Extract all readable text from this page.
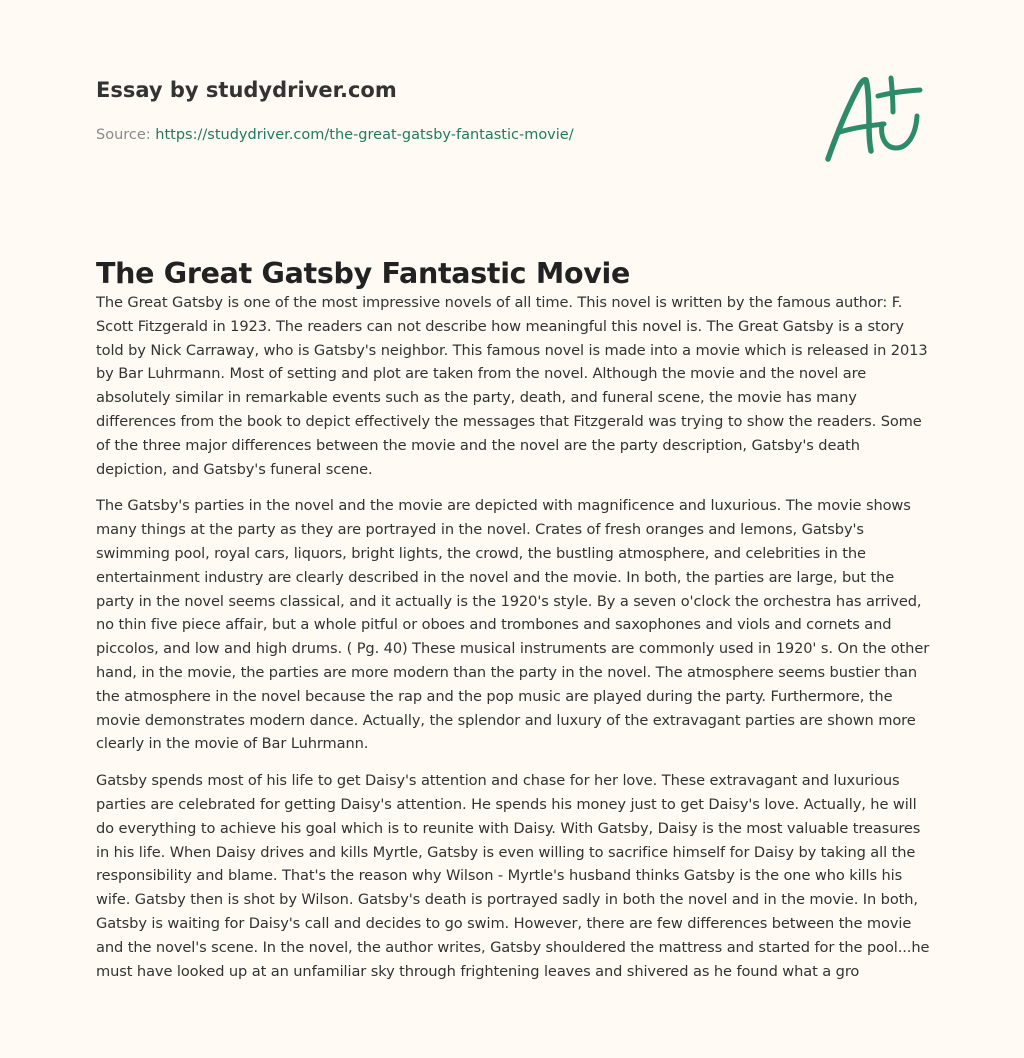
Essay by studydriver.com
Source: https://studydriver.com/the-great-gatsby-fantastic-movie/
The Great Gatsby Fantastic Movie

The Great Gatsby is one of the most impressive novels of all time. This novel is written by the famous author: F. Scott Fitzgerald in 1923. The readers can not describe how meaningful this novel is. The Great Gatsby is a story told by Nick Carraway, who is Gatsby's neighbor. This famous novel is made into a movie which is released in 2013 by Bar Luhrmann. Most of setting and plot are taken from the novel. Although the movie and the novel are absolutely similar in remarkable events such as the party, death, and funeral scene, the movie has many differences from the book to depict effectively the messages that Fitzgerald was trying to show the readers. Some of the three major differences between the movie and the novel are the party description, Gatsby's death depiction, and Gatsby's funeral scene.

The Gatsby's parties in the novel and the movie are depicted with magnificence and luxurious. The movie shows many things at the party as they are portrayed in the novel. Crates of fresh oranges and lemons, Gatsby's swimming pool, royal cars, liquors, bright lights, the crowd, the bustling atmosphere, and celebrities in the entertainment industry are clearly described in the novel and the movie. In both, the parties are large, but the party in the novel seems classical, and it actually is the 1920's style. By a seven o'clock the orchestra has arrived, no thin five piece affair, but a whole pitful or oboes and trombones and saxophones and viols and cornets and piccolos, and low and high drums. ( Pg. 40) These musical instruments are commonly used in 1920' s. On the other hand, in the movie, the parties are more modern than the party in the novel. The atmosphere seems bustier than the atmosphere in the novel because the rap and the pop music are played during the party. Furthermore, the movie demonstrates modern dance. Actually, the splendor and luxury of the extravagant parties are shown more clearly in the movie of Bar Luhrmann.

Gatsby spends most of his life to get Daisy's attention and chase for her love. These extravagant and luxurious parties are celebrated for getting Daisy's attention. He spends his money just to get Daisy's love. Actually, he will do everything to achieve his goal which is to reunite with Daisy. With Gatsby, Daisy is the most valuable treasures in his life. When Daisy drives and kills Myrtle, Gatsby is even willing to sacrifice himself for Daisy by taking all the responsibility and blame. That's the reason why Wilson - Myrtle's husband thinks Gatsby is the one who kills his wife. Gatsby then is shot by Wilson. Gatsby's death is portrayed sadly in both the novel and in the movie. In both, Gatsby is waiting for Daisy's call and decides to go swim. However, there are few differences between the movie and the novel's scene. In the novel, the author writes, Gatsby shouldered the mattress and started for the pool...he must have looked up at an unfamiliar sky through frightening leaves and shivered as he found what a gro
